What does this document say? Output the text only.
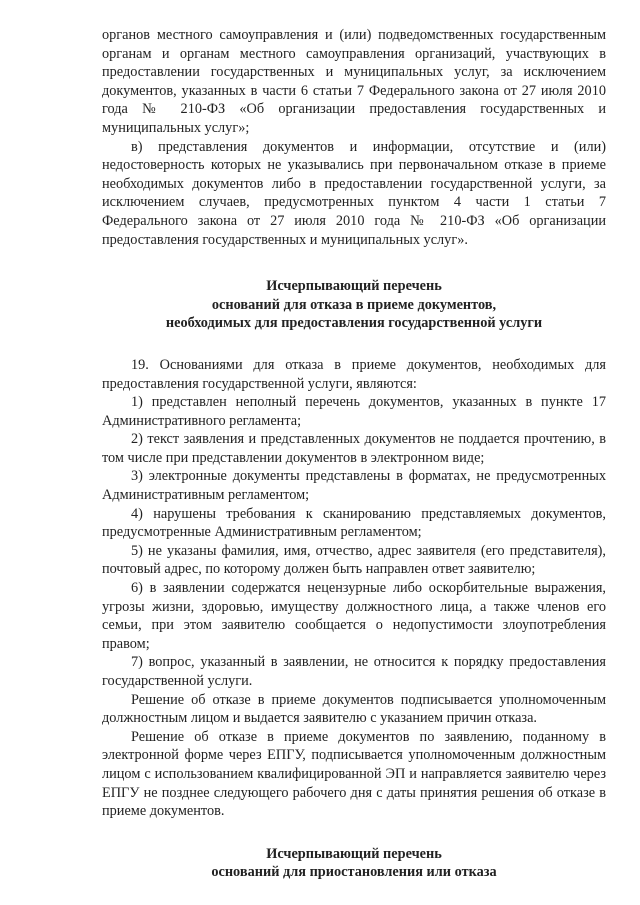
органов местного самоуправления и (или) подведомственных государственным органам и органам местного самоуправления организаций, участвующих в предоставлении государственных и муниципальных услуг, за исключением документов, указанных в части 6 статьи 7 Федерального закона от 27 июля 2010 года № 210-ФЗ «Об организации предоставления государственных и муниципальных услуг»;

в) представления документов и информации, отсутствие и (или) недостоверность которых не указывались при первоначальном отказе в приеме необходимых документов либо в предоставлении государственной услуги, за исключением случаев, предусмотренных пунктом 4 части 1 статьи 7 Федерального закона от 27 июля 2010 года № 210-ФЗ «Об организации предоставления государственных и муниципальных услуг».

Исчерпывающий перечень

оснований для отказа в приеме документов,

необходимых для предоставления государственной услуги

19. Основаниями для отказа в приеме документов, необходимых для предоставления государственной услуги, являются:

1) представлен неполный перечень документов, указанных в пункте 17 Административного регламента;

2) текст заявления и представленных документов не поддается прочтению, в том числе при представлении документов в электронном виде;

3) электронные документы представлены в форматах, не предусмотренных Административным регламентом;

4) нарушены требования к сканированию представляемых документов, предусмотренные Административным регламентом;

5) не указаны фамилия, имя, отчество, адрес заявителя (его представителя), почтовый адрес, по которому должен быть направлен ответ заявителю;

6) в заявлении содержатся нецензурные либо оскорбительные выражения, угрозы жизни, здоровью, имуществу должностного лица, а также членов его семьи, при этом заявителю сообщается о недопустимости злоупотребления правом;

7) вопрос, указанный в заявлении, не относится к порядку предоставления государственной услуги.

Решение об отказе в приеме документов подписывается уполномоченным должностным лицом и выдается заявителю с указанием причин отказа.

Решение об отказе в приеме документов по заявлению, поданному в электронной форме через ЕПГУ, подписывается уполномоченным должностным лицом с использованием квалифицированной ЭП и направляется заявителю через ЕПГУ не позднее следующего рабочего дня с даты принятия решения об отказе в приеме документов.

Исчерпывающий перечень

оснований для приостановления или отказа
